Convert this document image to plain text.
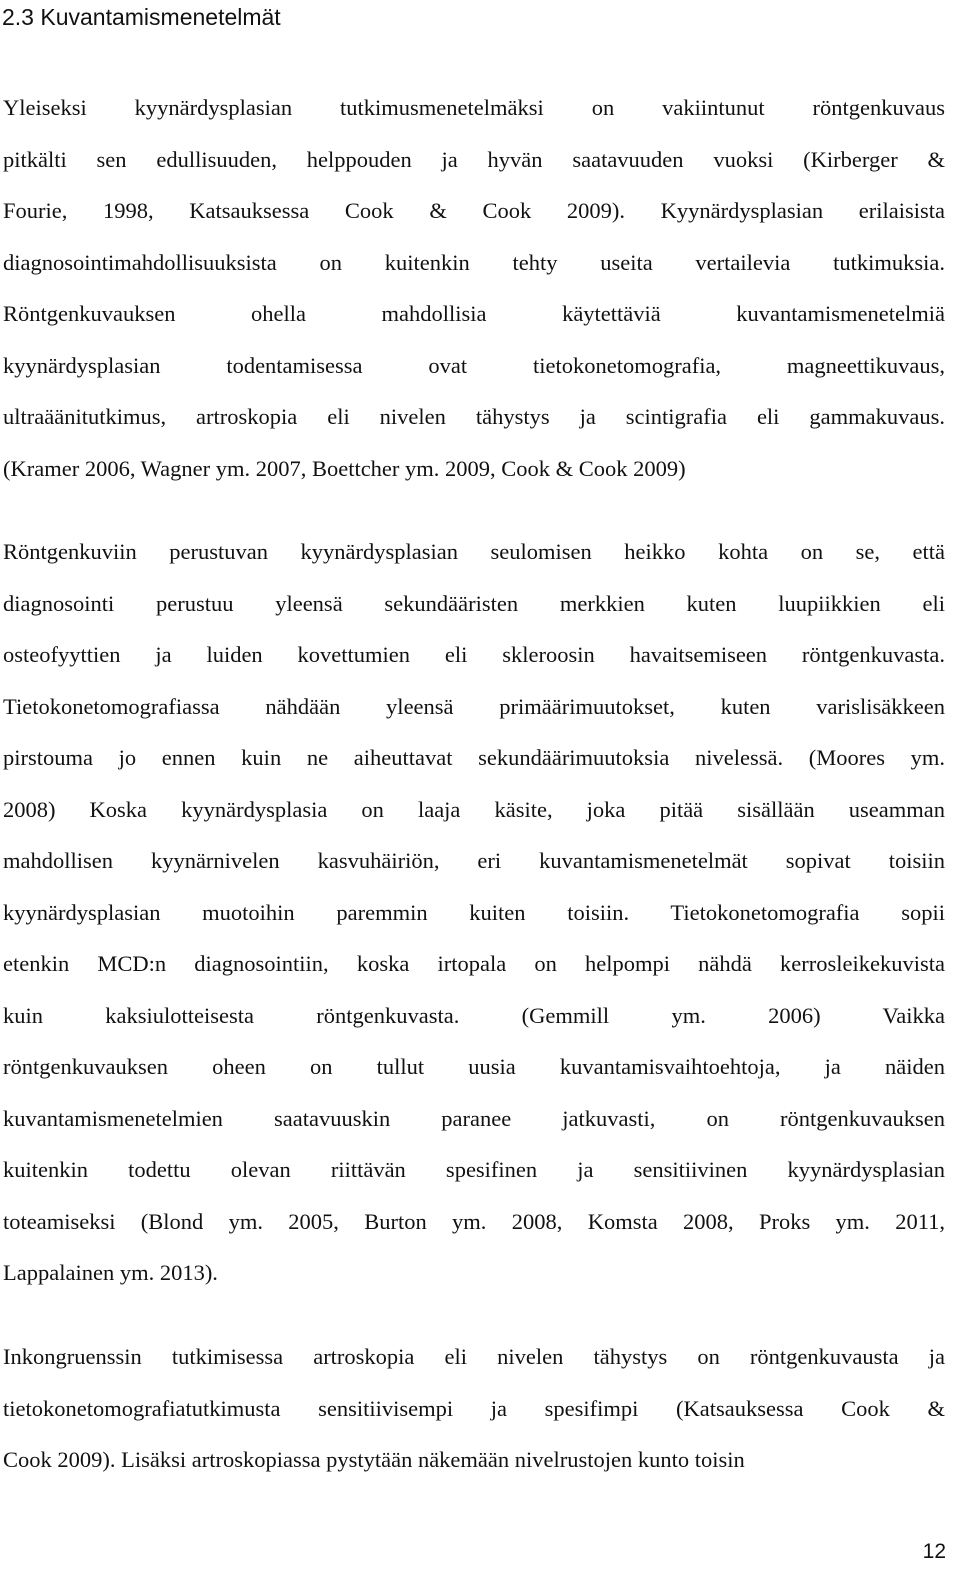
2.3 Kuvantamismenetelmät
Yleiseksi kyynärdysplasian tutkimusmenetelmäksi on vakiintunut röntgenkuvaus
pitkälti sen edullisuuden, helppouden ja hyvän saatavuuden vuoksi (Kirberger &
Fourie, 1998, Katsauksessa Cook & Cook 2009). Kyynärdysplasian erilaisista
diagnosointimahdollisuuksista on kuitenkin tehty useita vertailevia tutkimuksia.
Röntgenkuvauksen ohella mahdollisia käytettäviä kuvantamismenetelmiä
kyynärdysplasian todentamisessa ovat tietokonetomografia, magneettikuvaus,
ultraäänitutkimus, artroskopia eli nivelen tähystys ja scintigrafia eli gammakuvaus.
(Kramer 2006, Wagner ym. 2007, Boettcher ym. 2009, Cook & Cook 2009)
Röntgenkuviin perustuvan kyynärdysplasian seulomisen heikko kohta on se, että
diagnosointi perustuu yleensä sekundääristen merkkien kuten luupiikkien eli
osteofyyttien ja luiden kovettumien eli skleroosin havaitsemiseen röntgenkuvasta.
Tietokonetomografiassa nähdään yleensä primäärimuutokset, kuten varislisäkkeen
pirstouma jo ennen kuin ne aiheuttavat sekundäärimuutoksia nivelessä. (Moores ym.
2008) Koska kyynärdysplasia on laaja käsite, joka pitää sisällään useamman
mahdollisen kyynärnivelen kasvuhäiriön, eri kuvantamismenetelmät sopivat toisiin
kyynärdysplasian muotoihin paremmin kuiten toisiin. Tietokonetomografia sopii
etenkin MCD:n diagnosointiin, koska irtopala on helpompi nähdä kerrosleikekuvista
kuin kaksiulotteisesta röntgenkuvasta. (Gemmill ym. 2006) Vaikka
röntgenkuvauksen oheen on tullut uusia kuvantamisvaihtoehtoja, ja näiden
kuvantamismenetelmien saatavuuskin paranee jatkuvasti, on röntgenkuvauksen
kuitenkin todettu olevan riittävän spesifinen ja sensitiivinen kyynärdysplasian
toteamiseksi (Blond ym. 2005, Burton ym. 2008, Komsta 2008, Proks ym. 2011,
Lappalainen ym. 2013).
Inkongruenssin tutkimisessa artroskopia eli nivelen tähystys on röntgenkuvausta ja
tietokonetomografiatutkimusta sensitiivisempi ja spesifimpi (Katsauksessa Cook &
Cook 2009). Lisäksi artroskopiassa pystytään näkemään nivelrustojen kunto toisin
12
